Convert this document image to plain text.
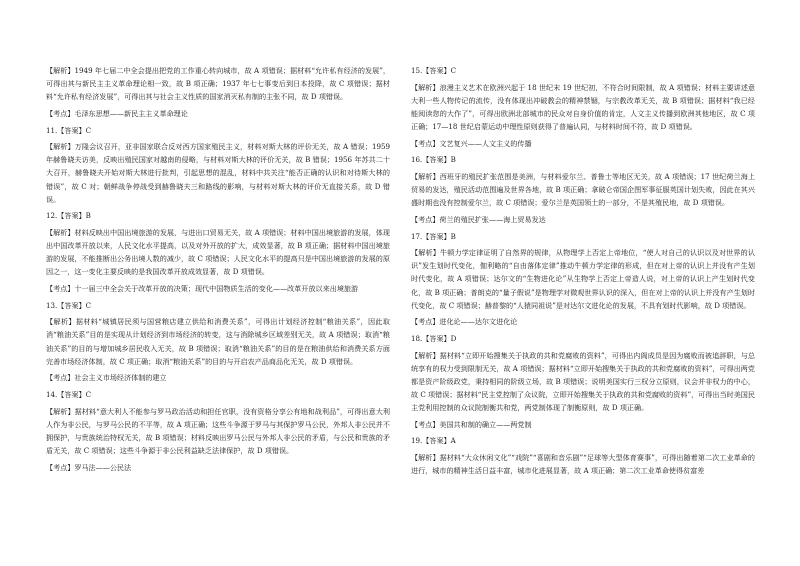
【解析】1949 年七届二中全会提出把党的工作重心转向城市，故 A 项错误；据材料“允许私有经济的发展”，可得出其与新民主主义革命理论相一致，故 B 项正确；1937 年七七事变后到日本投降，故 C 项错误；据材料“允许私有经济发展”，可得出其与社会主义性质的国家消灭私有制的主张不同，故 D 项错误。

【考点】毛泽东思想——新民主主义革命理论

11.【答案】C

【解析】万隆会议召开，亚非国家联合反对西方国家殖民主义，材料对斯大林的评价无关，故 A 错误；1959 年赫鲁晓夫访美，反映出殖民国家对越南的侵略，与材料对斯大林的评价无关，故 B 错误；1956 年苏共二十大召开，赫鲁晓夫开始对斯大林进行批判，引起思想的混乱，材料中共关注“能否正确的认识和对待斯大林的错误”，故 C 对；朝鲜战争停战受到赫鲁晓夫三和路线的影响，与材料对斯大林的评价无直接关系，故 D 错误。

12.【答案】B

【解析】材料反映出中国出境旅游的发展，与进出口贸易无关，故 A 项错误；材料中国出境旅游的发展，体现出中国改革开放以来，人民文化水平提高，以及对外开放的扩大，成效显著，故 B 项正确；据材料中国出境旅游的发展，不能推断出公务出境人数的减少，故 C 项错误；人民文化水平的提高只是中国出境旅游的发展的原因之一，这一变化主要反映的是我国改革开放成效显著，故 D 项错误。

【考点】十一届三中全会关于改革开放的决策；现代中国物质生活的变化——改革开放以来出境旅游

13.【答案】C

【解析】据材料“城镇居民须与国营粮店建立供给和消费关系”，可得出计划经济控制“粮油关系”，因此取消“粮油关系”目的是实现从计划经济到市场经济的转变，这与消除城乡区域差别无关，故 A 项错误；取消“粮油关系”的目的与增加城乡居民收入无关，故 B 项错误；取消“粮油关系”的目的是在粮油供给和消费关系方面完善市场经济体制，故 C 项正确；取消“粮油关系”的目的与开启农产品商品化无关，故 D 项错误。

【考点】社会主义市场经济体制的建立

14.【答案】C

【解析】据材料“意大利人不能参与罗马政治活动和担任官职，没有资格分享公有地和战利品”，可得出意大利人作为非公民，与罗马公民的不平等，故 A 项正确；这些斗争源于罗马与其保护罗马公民，外邦人非公民并不拥保护，与贵族统治特权无关，故 B 项错误；材料反映出罗马公民与外邦人非公民的矛盾，与公民和贵族的矛盾无关，故 C 项错误；这些斗争源于非公民利益缺乏法律保护，故 D 项错误。

【考点】罗马法——公民法

15.【答案】C

【解析】浪漫主义艺术在欧洲兴起于 18 世纪末 19 世纪初，不符合时间限制，故 A 项错误；材料主要讲述意大利一些人物传记的流传，没有体现出冲破教会的精神禁锢，与宗教改革无关，故 B 项错误；据材料“我已经能阅读您的大作了”，可得出欧洲北部城市的民众对自身价值的肯定，人文主义传播到欧洲其他地区，故 C 项正确；17—18 世纪启蒙运动中理性原则获得了普遍认同，与材料时间不符，故 D 项错误。

【考点】文艺复兴——人文主义的传播

16.【答案】B

【解析】西班牙的殖民扩张范围是美洲，与材料爱尔兰、普鲁士等地区无关，故 A 项错误；17 世纪荷兰海上贸易的发达，殖民活动范围遍及世界各地，故 B 项正确；拿破仑帝国企图军事征服英国计划失败，因此在其兴盛时期也没有控制爱尔兰，故 C 项错误；爱尔兰是英国领土的一部分，不是其殖民地，故 D 项错误。

【考点】荷兰的殖民扩张——海上贸易发达

17.【答案】B

【解析】牛顿力学定律证明了自然界的规律，从物理学上否定上帝地位，“使人对自己的认识以及对世界的认识”发生划时代变化，伽利略的“自由落体定律”推动牛顿力学定律的形成，但在对上帝的认识上并没有产生划时代变化，故 A 项错误；达尔文的“生物进化论”从生物学上否定上帝造人说，对上帝的认识上产生划时代变化，故 B 项正确；普朗克的“量子假说”是物理学对微观世界认识的深入，但在对上帝的认识上并没有产生划时代变化，故 C 项错误；赫普黎的“人猿同祖说”是对达尔文进化论的发展，不具有划时代影响，故 D 项错误。

【考点】进化论——达尔文进化论

18.【答案】D

【解析】据材料“立即开始搜集关于执政的共和党腐败的资料”，可得出内阁成员是因为腐败而被追辞职，与总统享有的权力受到限制无关，故 A 项错误；据材料“立即开始搜集关于执政的共和党腐败的资料”，可得出两党都是资产阶级政党，秉持相同的阶级立场，故 B 项错误；说明美国实行三权分立原则，议会并非权力的中心，故 C 项错误；据材料“民主党控制了众议院，立即开始搜集关于执政的共和党腐败的资料”，可得出当时美国民主党利用控制的众议院制衡共和党，两党制体现了制衡原则，故 D 项正确。

【考点】美国共和制的确立——两党制

19.【答案】A

【解析】据材料“大众休闲文化”“戏院”“喜剧和音乐剧”“足球等大型体育赛事”，可得出随着第二次工业革命的进行，城市的精神生活日益丰富，城市化进展显著，故 A 项正确；第二次工业革命使得贫富差
